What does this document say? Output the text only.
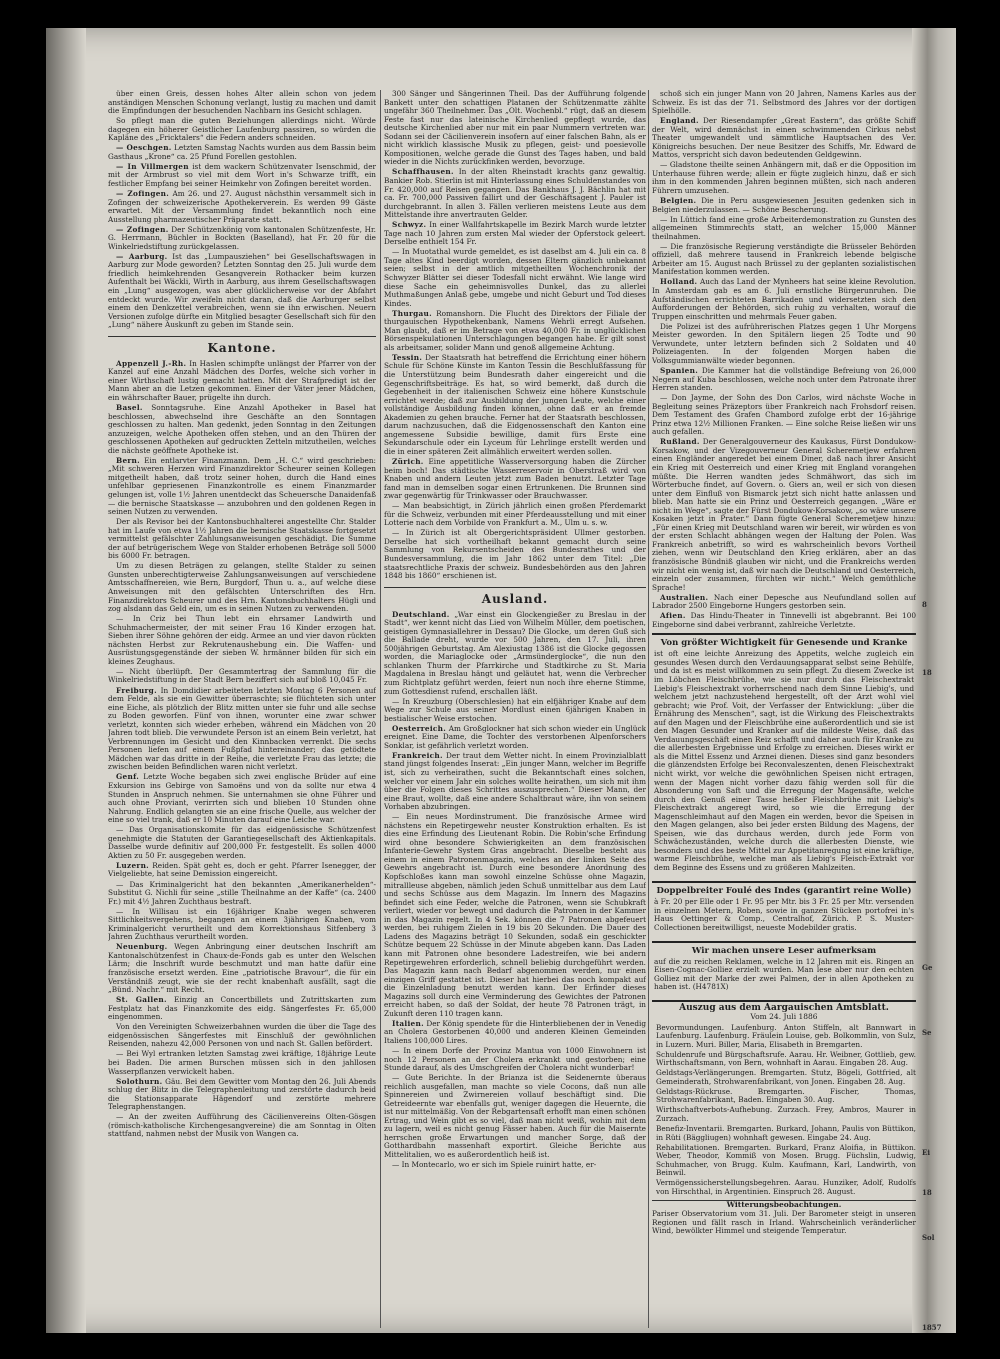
8
18
Ge
Se
Ei
18
Sol
1857

über einen Greis, dessen hohes Alter allein schon von jedem anständigen Menschen Schonung verlangt, lustig zu machen und damit die Empfindungen der besuchenden Nachbarn ins Gesicht schlagen.

So pflegt man die guten Beziehungen allerdings nicht. Würde dagegen ein höherer Geistlicher Laufenburg passiren, so würden die Kapläne des „Fricktalers“ die Federn anders schneiden.

— Oeschgen. Letzten Samstag Nachts wurden aus dem Bassin beim Gasthaus „Krone“ ca. 25 Pfund Forellen gestohlen.

— In Villmergen ist dem wackern Schützenvater Isenschmid, der mit der Armbrust so viel mit dem Wort in's Schwarze trifft, ein festlicher Empfang bei seiner Heimkehr von Zofingen bereitet worden.

— Zofingen. Am 26. und 27. August nächsthin versammelt sich in Zofingen der schweizerische Apothekerverein. Es werden 99 Gäste erwartet. Mit der Versammlung findet bekanntlich noch eine Ausstellung pharmazeutischer Präparate statt.

— Zofingen. Der Schützenkönig vom kantonalen Schützenfeste, Hr. G. Herrmann, Büchler in Bockten (Baselland), hat Fr. 20 für die Winkelriedstiftung zurückgelassen.

— Aarburg. Ist das „Lumpausziehen“ bei Gesellschaftswagen in Aarburg zur Mode geworden? Letzten Sonntag den 25. Juli wurde dem friedlich heimkehrenden Gesangverein Rothacker beim kurzen Aufenthalt bei Wäckli, Wirth in Aarburg, aus ihrem Gesellschaftswagen ein „Lung“ ausgezogen, was aber glücklicherweise vor der Abfahrt entdeckt wurde. Wir zweifeln nicht daran, daß die Aarburger selbst einem den Denkzettel verabreichen, wenn sie ihn erwischen. Neuern Versionen zufolge dürfte ein Mitglied besagter Gesellschaft sich für den „Lung“ nähere Auskunft zu geben im Stande sein.

Kantone.

Appenzell J.-Rh. In Haslen schimpfte unlängst der Pfarrer von der Kanzel auf eine Anzahl Mädchen des Dorfes, welche sich vorher in einer Wirthschaft lustig gemacht hatten. Mit der Strafpredigt ist der Mann aber an die Letzen gekommen. Einer der Väter jener Mädchen, ein währschafter Bauer, prügelte ihn durch.

Basel. Sonntagsruhe. Eine Anzahl Apotheker in Basel hat beschlossen, abwechselnd ihre Geschäfte an den Sonntagen geschlossen zu halten. Man gedenkt, jeden Sonntag in den Zeitungen anzuzeigen, welche Apotheken offen stehen, und an den Thüren der geschlossenen Apotheken auf gedruckten Zetteln mitzutheilen, welches die nächste geöffnete Apotheke ist.

Bern. Ein entlarvter Finanzmann. Dem „H. C.“ wird geschrieben: „Mit schweren Herzen wird Finanzdirektor Scheurer seinen Kollegen mitgetheilt haben, daß trotz seiner hohen, durch die Hand eines unfehlbar gepriesenen Finanzkontrolle es einem Finanzmarder gelungen ist, volle 1½ Jahren unentdeckt das Scheuersche Danaidenfaß — die bernische Staatskasse — anzubohren und den goldenen Regen in seinen Nutzen zu verwenden.

Der als Revisor bei der Kantonsbuchhalterei angestellte Chr. Stalder hat im Laufe von etwa 1½ Jahren die bernische Staatskasse fortgesetzt vermittelst gefälschter Zahlungsanweisungen geschädigt. Die Summe der auf betrügerischem Wege von Stalder erhobenen Beträge soll 5000 bis 6000 Fr. betragen.

Um zu diesen Beträgen zu gelangen, stellte Stalder zu seinen Gunsten unberechtigterweise Zahlungsanweisungen auf verschiedene Amtsschaffnereien, wie Bern, Burgdorf, Thun u. a., auf welche diese Anweisungen mit den gefälschten Unterschriften des Hrn. Finanzdirektors Scheurer und des Hrn. Kantonsbuchhalters Hügli und zog alsdann das Geld ein, um es in seinen Nutzen zu verwenden.

— In Criz bei Thun lebt ein ehrsamer Landwirth und Schuhmachermeister, der mit seiner Frau 16 Kinder erzogen hat. Sieben ihrer Söhne gehören der eidg. Armee an und vier davon rückten nächsten Herbst zur Rekrutenaushebung ein. Die Waffen- und Ausrüstungsgegenstände der sieben W. hrmänner bilden für sich ein kleines Zeughaus.

— Nicht überlüpft. Der Gesammtertrag der Sammlung für die Winkelriedstiftung in der Stadt Bern beziffert sich auf bloß 10,045 Fr.

Freiburg. In Domdidier arbeiteten letzten Montag 6 Personen auf dem Felde, als sie ein Gewitter überraschte; sie flüchteten sich unter eine Eiche, als plötzlich der Blitz mitten unter sie fuhr und alle sechse zu Boden geworfen. Fünf von ihnen, worunter eine zwar schwer verletzt, konnten sich wieder erheben, während ein Mädchen von 20 Jahren todt blieb. Die verwundete Person ist an einem Bein verletzt, hat Verbrennungen im Gesicht und den Kinnbacken verrenkt. Die sechs Personen liefen auf einem Fußpfad hintereinander; das getödtete Mädchen war das dritte in der Reihe, die verletzte Frau das letzte; die zwischen beiden Befindlichen waren nicht verletzt.

Genf. Letzte Woche begaben sich zwei englische Brüder auf eine Exkursion ins Gebirge von Samoëns und von da sollte nur etwa 4 Stunden in Anspruch nehmen. Sie unternahmen sie ohne Führer und auch ohne Proviant, verirrten sich und blieben 10 Stunden ohne Nahrung. Endlich gelangten sie an eine frische Quelle, aus welcher der eine so viel trank, daß er 10 Minuten darauf eine Leiche war.

— Das Organisationskomite für das eidgenössische Schützenfest genehmigte die Statuten der Garantiegesellschaft des Aktienkapitals. Dasselbe wurde definitiv auf 200,000 Fr. festgestellt. Es sollen 4000 Aktien zu 50 Fr. ausgegeben werden.

Luzern. Reiden. Spät geht es, doch er geht. Pfarrer Isenegger, der Vielgeliebte, hat seine Demission eingereicht.

— Das Kriminalgericht hat den bekannten „Amerikanerhelden“-Substitut G. Nichli für seine „stille Theilnahme an der Kaffe“ (ca. 2400 Fr.) mit 4½ Jahren Zuchthaus bestraft.

— In Willisau ist ein 16jähriger Knabe wegen schweren Sittlichkeitsvergehens, begangen an einem 3jährigen Knaben, vom Kriminalgericht verurtheilt und dem Korrektionshaus Sitfenberg 3 Jahren Zuchthaus verurtheilt worden.

Neuenburg. Wegen Anbringung einer deutschen Inschrift am Kantonalschützenfest in Chaux-de-Fonds gab es unter den Welschen Lärm; die Inschrift wurde beschmutzt und man hatte dafür eine französische ersetzt werden. Eine „patriotische Bravour“, die für ein Verständniß zeugt, wie sie der recht knabenhaft ausfällt, sagt die „Bünd. Nachr.“ mit Recht.

St. Gallen. Einzig an Concertbillets und Zutrittskarten zum Festplatz hat das Finanzkomite des eidg. Sängerfestes Fr. 65,000 eingenommen.

Von den Vereinigten Schweizerbahnen wurden die über die Tage des eidgenössischen Sängerfestes mit Einschluß der gewöhnlichen Reisenden, nahezu 42,000 Personen von und nach St. Gallen befördert.

— Bei Wyl ertranken letzten Samstag zwei kräftige, 18jährige Leute bei Baden. Die armen Burschen müssen sich in den jahllosen Wasserpflanzen verwickelt haben.

Solothurn. Gäu. Bei dem Gewitter vom Montag den 26. Juli Abends schlug der Blitz in die Telegraphenleitung und zerstörte dadurch beid die Stationsapparate Hägendorf und zerstörte mehrere Telegraphenstangen.

— An der zweiten Aufführung des Cäcilienvereins Olten-Gösgen (römisch-katholische Kirchengesangvereine) die am Sonntag in Olten stattfand, nahmen nebst der Musik von Wangen ca.

300 Sänger und Sängerinnen Theil. Das der Aufführung folgende Bankett unter den schattigen Platanen der Schützenmatte zählte ungefähr 360 Theilnehmer. Das „Olt. Wochenbl.“ rügt, daß an diesem Feste fast nur das lateinische Kirchenlied gepflegt wurde, das deutsche Kirchenlied aber nur mit ein paar Nummern vertreten war. Sodann sei der Cäcilienverein insofern auf einer falschen Bahn, als er nicht wirklich klassische Musik zu pflegen, geist- und poesievolle Kompositionen, welche gerade die Gunst des Tages haben, und bald wieder in die Nichts zurückfinken werden, bevorzuge.

Schaffhausen. In der alten Rheinstadt krachts ganz gewaltig. Bankier Rob. Stierlin ist mit Hinterlassung eines Schuldenstandes von Fr. 420,000 auf Reisen gegangen. Das Bankhaus J. J. Bächlin hat mit ca. Fr. 700,000 Passiven fallirt und der Geschäftsagent J. Pauler ist durchgebrannt. In allen 3. Fällen verlieren meistens Leute aus dem Mittelstande ihre anvertrauten Gelder.

Schwyz. In einer Wallfahrtskapelle im Bezirk March wurde letzter Tage nach 10 Jahren zum ersten Mal wieder der Opferstock geleert. Derselbe enthielt 154 Fr.

— In Muotathal wurde gemeldet, es ist daselbst am 4. Juli ein ca. 8 Tage altes Kind beerdigt worden, dessen Eltern gänzlich unbekannt seien; selbst in der amtlich mitgetheilten Wochenchronik der Schwyzer Blätter sei dieser Todesfall nicht erwähnt. Wie lange wird diese Sache ein geheimnisvolles Dunkel, das zu allerlei Muthmaßungen Anlaß gebe, umgebe und nicht Geburt und Tod dieses Kindes.

Thurgau. Romanshorn. Die Flucht des Direktors der Filiale der thurgauischen Hypothekenbank, Namens Wehrli erregt Aufsehen. Man glaubt, daß er im Betrage von etwa 40,000 Fr. in unglücklichen Börsenspekulationen Unterschlagungen begangen habe. Er gilt sonst als arbeitsamer, solider Mann und genoß allgemeine Achtung.

Tessin. Der Staatsrath hat betreffend die Errichtung einer höhern Schule für Schöne Künste im Kanton Tessin die Beschlußfassung für die Unterstützung beim Bundesrath daher eingereicht und die Gegenschriftsbeiträge. Es hat, so wird bemerkt, daß durch die Gegebenheit in der italienischen Schweiz eine höhere Kunstschule errichtet werde; daß zur Ausbildung der jungen Leute, welche einer vollständige Ausbildung finden können, ohne daß er an fremde Akademien zu gehen brauche. Ferner hat der Staatsrath beschlossen, darum nachzusuchen, daß die Eidgenossenschaft den Kanton eine angemessene Subsidie bewillige, damit fürs Erste eine Sekundarschule oder ein Lyceum für Lehrlinge erstellt werden und die in einer späteren Zeit allmählich erweitert werden sollen.

Zürich. Eine appetitliche Wasserversorgung haben die Zürcher beim boch! Das städtische Wasserreservoir in Oberstraß wird von Knaben und andern Leuten jetzt zum Baden benutzt. Letzter Tage fand man in demselben sogar einen Ertrunkenen. Die Brunnen sind zwar gegenwärtig für Trinkwasser oder Brauchwasser.

— Man beabsichtigt, in Zürich jährlich einen großen Pferdemarkt für die Schweiz, verbunden mit einer Pferdeausstellung und mit einer Lotterie nach dem Vorbilde von Frankfurt a. M., Ulm u. s. w.

— In Zürich ist alt Obergerichtspräsident Ullmer gestorben. Derselbe hat sich vortheilhaft bekannt gemacht durch seine Sammlung von Rekursentscheiden des Bundesrathes und der Bundesversammlung, die im Jahr 1862 unter dem Titel: „Die staatsrechtliche Praxis der schweiz. Bundesbehörden aus den Jahren 1848 bis 1860“ erschienen ist.

Ausland.

Deutschland. „War einst ein Glockengießer zu Breslau in der Stadt“, wer kennt nicht das Lied von Wilhelm Müller, dem poetischen, geistigen Gymnasiallehrer in Dessau? Die Glocke, um deren Guß sich die Ballade dreht, wurde vor 500 Jahren, den 17. Juli, ihren 500jährigen Geburtstag. Am Alexiustag 1386 ist die Glocke gegossen worden, die Mariaglocke oder „Armsünderglocke“, die nun den schlanken Thurm der Pfarrkirche und Stadtkirche zu St. Maria Magdalena in Breslau hängt und geläutet hat, wenn die Verbrecher zum Richtplatz geführt werden, feiert nun noch ihre eherne Stimme, zum Gottesdienst rufend, erschallen läßt.

— In Kreuzburg (Oberschlesien) hat ein elfjähriger Knabe auf dem Wege zur Schule aus seiner Mordlust einen 6jährigen Knaben in bestialischer Weise erstochen.

Oesterreich. Am Großglockner hat sich schon wieder ein Unglück ereignet. Eine Dame, die Tochter des verstorbenen Alpenforschers Sonklar, ist gefährlich verletzt worden.

Frankreich. Der traut dem Wetter nicht. In einem Provinzialblatt stand jüngst folgendes Inserat: „Ein junger Mann, welcher im Begriffe ist, sich zu verheirathen, sucht die Bekanntschaft eines solchen, welcher vor einem Jahr ein solches wollte heirathen, um sich mit ihm über die Folgen dieses Schrittes auszusprechen.“ Dieser Mann, der eine Braut, wollte, daß eine andere Schaltbraut wäre, ihn von seinem Vorhaben abzubringen.

— Ein neues Mordinstrument. Die französische Armee wird nächstens ein Repetirgewehr neuster Konstruktion erhalten. Es ist dies eine Erfindung des Lieutenant Robin. Die Robin'sche Erfindung wird ohne besondere Schwierigkeiten an dem französischen Infanterie-Gewehr System Gras angebracht. Dieselbe besteht aus einem in einem Patronenmagazin, welches an der linken Seite des Gewehrs angebracht ist. Durch eine besondere Anordnung des Kopfschloßes kann man sowohl einzelne Schüsse ohne Magazin, mitrallleuse abgeben, nämlich jeden Schuß unmittelbar aus dem Lauf und sechs Schüsse aus dem Magazin. Im Innern des Magazins befindet sich eine Feder, welche die Patronen, wenn sie Schubkraft verliert, wieder vor bewegt und dadurch die Patronen in der Kammer in das Magazin regelt. In 4 Sek. können die 7 Patronen abgefeuert werden, bei ruhigem Zielen in 19 bis 20 Sekunden. Die Dauer des Ladens des Magazins beträgt 10 Sekunden, sodaß ein geschickter Schütze bequem 22 Schüsse in der Minute abgeben kann. Das Laden kann mit Patronen ohne besondere Ladestreifen, wie bei andern Repetirgewehren erforderlich, schnell beliebig durchgeführt werden. Das Magazin kann nach Bedarf abgenommen werden, nur einen einzigen Griff gestattet ist. Dieser hat hierbei das noch kompakt auf die Einzelnladung benutzt werden kann. Der Erfinder dieses Magazins soll durch eine Verminderung des Gewichtes der Patronen erreicht haben, so daß der Soldat, der heute 78 Patronen trägt, in Zukunft deren 110 tragen kann.

Italien. Der König spendete für die Hinterbliebenen der in Venedig an Cholera Gestorbenen 40,000 und anderen Kleinen Gemeinden Italiens 100,000 Lires.

— In einem Dorfe der Provinz Mantua von 1000 Einwohnern ist noch 12 Personen an der Cholera erkrankt und gestorben; eine Stunde darauf, als des Umschgreifen der Cholera nicht wunderbar!

— Gute Berichte. In der Brianza ist die Seidenernte überaus reichlich ausgefallen, man machte so viele Cocons, daß nun alle Spinnereien und Zwirnereien vollauf beschäftigt sind. Die Getreideernte war ebenfalls gut, weniger dagegen die Heuernte, die ist nur mittelmäßig. Von der Rebgartensaft erhofft man einen schönen Ertrag, und Wein gibt es so viel, daß man nicht weiß, wohin mit dem zu lagern, weil es nicht genug Fässer haben. Auch für die Maisernte herrschen große Erwartungen und mancher Sorge, daß der Gotthardbahn massenhaft exportirt. Gleiche Berichte aus Mittelitalien, wo es außerordentlich heiß ist.

— In Montecarlo, wo er sich im Spiele ruinirt hatte, er-

schoß sich ein junger Mann von 20 Jahren, Namens Karles aus der Schweiz. Es ist das der 71. Selbstmord des Jahres vor der dortigen Spielhölle.

England. Der Riesendampfer „Great Eastern“, das größte Schiff der Welt, wird demnächst in einen schwimmenden Cirkus nebst Theater umgewandelt und sämmtliche Hauptsachen des Ver. Königreichs besuchen. Der neue Besitzer des Schiffs, Mr. Edward de Mattos, verspricht sich davon bedeutenden Geldgewinn.

— Gladstone theilte seinen Anhängern mit, daß er die Opposition im Unterhause führen werde; allein er fügte zugleich hinzu, daß er sich ihm in den kommenden Jahren beginnen müßten, sich nach anderen Führern umzusehen.

Belgien. Die in Peru ausgewiesenen Jesuiten gedenken sich in Belgien niederzulassen. — Schöne Bescherung.

— In Lüttich fand eine große Arbeiterdemonstration zu Gunsten des allgemeinen Stimmrechts statt, an welcher 15,000 Männer theilnahmen.

— Die französische Regierung verständigte die Brüsseler Behörden offiziell, daß mehrere tausend in Frankreich lebende belgische Arbeiter am 15. August nach Brüssel zu der geplanten sozialistischen Manifestation kommen werden.

Holland. Auch das Land der Mynheers hat seine kleine Revolution. In Amsterdam gab es am 6. Juli ernstliche Bürgerunruhen. Die Aufständischen errichteten Barrikaden und widersetzten sich den Aufforderungen der Behörden, sich ruhig zu verhalten, worauf die Truppen einschritten und mehrmals Feuer gaben.

Die Polizei ist des aufrührerischen Platzes gegen 1 Uhr Morgens Meister geworden. In den Spitälern liegen 25 Todte und 90 Verwundete, unter letztern befinden sich 2 Soldaten und 40 Polizeiagenten. In der folgenden Morgen haben die Volksgummianwälte wieder begonnen.

Spanien. Die Kammer hat die vollständige Befreiung von 26,000 Negern auf Kuba beschlossen, welche noch unter dem Patronate ihrer Herren standen.

— Don Jayme, der Sohn des Don Carlos, wird nächste Woche in Begleitung seines Präzeptors über Frankreich nach Frohsdorf reisen. Dem Testament des Grafen Chambord zufolge erbt der 16-jährige Prinz etwa 12½ Millionen Franken. — Eine solche Reise ließen wir uns auch gefallen.

Rußland. Der Generalgouverneur des Kaukasus, Fürst Dondukow-Korsakow, und der Vizegouverneur General Scheremetjew erfahren einen Engländer angeredet bei einem Diner, daß nach ihrer Ansicht ein Krieg mit Oesterreich und einer Krieg mit England vorangehen müßte. Die Herren wandten jedes Schmähwort, das sich im Wörterbuche findet, auf Govern. o. Giers an, weil er sich von diesen unter dem Einfluß von Bismarck jetzt sich nicht hatte anlassen und blieb. Man hatte sie ein Prinz und Oesterreich gegangen. „Wäre er nicht im Wege“, sagte der Fürst Dondukow-Korsakow, „so wäre unsere Kosaken jetzt in Prater.“ Dann fügte General Scheremetjew hinzu: „Für einen Krieg mit Deutschland waren wir bereit, wir würden es von der ersten Schlacht abhängen wegen der Haltung der Polen. Was Frankreich anbetrifft, so wird es wahrscheinlich bevors Vortheil ziehen, wenn wir Deutschland den Krieg erklären, aber an das französische Bündniß glauben wir nicht, und die Frankreichs werden wir nicht ein wenig ist, daß wir nach die Deutschland und Oesterreich, einzeln oder zusammen, fürchten wir nicht.“ Welch gemüthliche Sprache!

Australien. Nach einer Depesche aus Neufundland sollen auf Labrador 2500 Eingeborne Hungers gestorben sein.

Afien. Das Hindu-Theater in Tinnevelli ist abgebrannt. Bei 100 Eingeborne sind dabei verbrannt, zahlreiche Verletzte.

Von größter Wichtigkeit für Genesende und Kranke

ist oft eine leichte Anreizung des Appetits, welche zugleich ein gesundes Wesen durch den Verdauungsapparat selbst seine Behülfe, und da ist es meist willkommen zu sein pflegt. Zu diesem Zwecke ist im Löbchen Fleischbrühe, wie sie nur durch das Fleischextrakt Liebig's Fleischextrakt vorherrschend nach dem Sinne Liebig's, und welchem jetzt nachzustehend hergestellt, oft der Arzt wohl viel gebracht; wie Prof. Voit, der Verfasser der Entwicklung: „über die Ernährung des Menschen“, sagt, ist die Wirkung des Fleischextrakts auf den Magen und der Fleischbrühe eine außerordentlich und sie ist den Magen Gesunder und Kranker auf die mildeste Weise, daß das Verdauungsgeschäft einen Reiz schafft und daher auch für Kranke zu die allerbesten Ergebnisse und Erfolge zu erreichen. Dieses wirkt er als die Mittel Essenz und Arznei dienen. Dieses sind ganz besonders die glänzendsten Erfolge bei Reconvaleszenten, denen Fleischextrakt nicht wirkt, vor welche die gewöhnlichen Speisen nicht ertragen, wenn der Magen nicht vorher dazu fähig werden soll für die Absonderung von Saft und die Erregung der Magensäfte, welche durch den Genuß einer Tasse heißer Fleischbrühe mit Liebig's Fleischextrakt angeregt wird, so wie die Erregung der Magenschleimhaut auf den Magen ein werden, bevor die Speisen in den Magen gelangen, also bei jeder ersten Bildung des Magens, der Speisen, wie das durchaus werden, durch jede Form von Schwächezuständen, welche durch die allerbesten Dienste, wie besonders und des beste Mittel zur Appetitanregung ist eine kräftige, warme Fleischbrühe, welche man als Liebig's Fleisch-Extrakt vor dem Beginne des Essens und zu größeren Mahlzeiten.

Doppelbreiter Foulé des Indes (garantirt reine Wolle)

à Fr. 20 per Elle oder 1 Fr. 95 per Mtr. bis 3 Fr. 25 per Mtr. versenden in einzelnen Metern, Roben, sowie in ganzen Stücken portofrei in's Haus Oettinger & Comp., Centralhof, Zürich. P. S. Muster-Collectionen bereitwilligst, neueste Modebilder gratis.

Wir machen unsere Leser aufmerksam

auf die zu reichen Reklamen, welche in 12 Jahren mit eis. Ringen an Eisen-Cognac-Golliez erzielt wurden. Man lese aber nur den echten Golliez mit der Marke der zwei Palmen, der in allen Apotheken zu haben ist. (H4781X)

Auszug aus dem Aargauischen Amtsblatt.
Vom 24. Juli 1886

Bevormundungen. Laufenburg. Anton Stiffeln, alt Bannwart in Laufenburg. Laufenburg. Fräulein Louise, geb. Bolkommlin, von Sulz, in Luzern. Muri. Biller, Maria, Elisabeth in Bremgarten.

Schuldenrufe und Bürgschaftsrufe. Aarau. Hr. Weibner, Gottlieb, gew. Wirthschaftsmann, von Bern, wohnhaft in Aarau. Eingaben 28. Aug.

Geldstags-Verlängerungen. Bremgarten. Stutz, Bögeli, Gottfried, alt Gemeinderath, Strohwarenfabrikant, von Jonen. Eingaben 28. Aug.

Geldstags-Rückruse. Bremgarten. Fischer, Thomas, Strohwarenfabrikant, Baden. Eingaben 30. Aug.

Wirthschaftverbots-Aufhebung. Zurzach. Frey, Ambros, Maurer in Zurzach.

Benefiz-Inventarii. Bremgarten. Burkard, Johann, Paulis von Büttikon, in Rüti (Bäggliugen) wohnhaft gewesen. Eingabe 24. Aug.

Rehabilitationen. Bremgarten. Burkard, Franz Aloifia, in Büttikon. Weber, Theodor, Kommiß von Mosen. Brugg. Füchslin, Ludwig, Schuhmacher, von Brugg. Kulm. Kaufmann, Karl, Landwirth, von Beinwil.

Vermögenssicherstellungsbegehren. Aarau. Hunziker, Adolf, Rudolfs von Hirschthal, in Argentinien. Einspruch 28. August.

Witterungsbeobachtungen.

Pariser Observatorium vom 31. Juli. Der Barometer steigt in unseren Regionen und fällt rasch in Irland. Wahrscheinlich veränderlicher Wind, bewölkter Himmel und steigende Temperatur.
